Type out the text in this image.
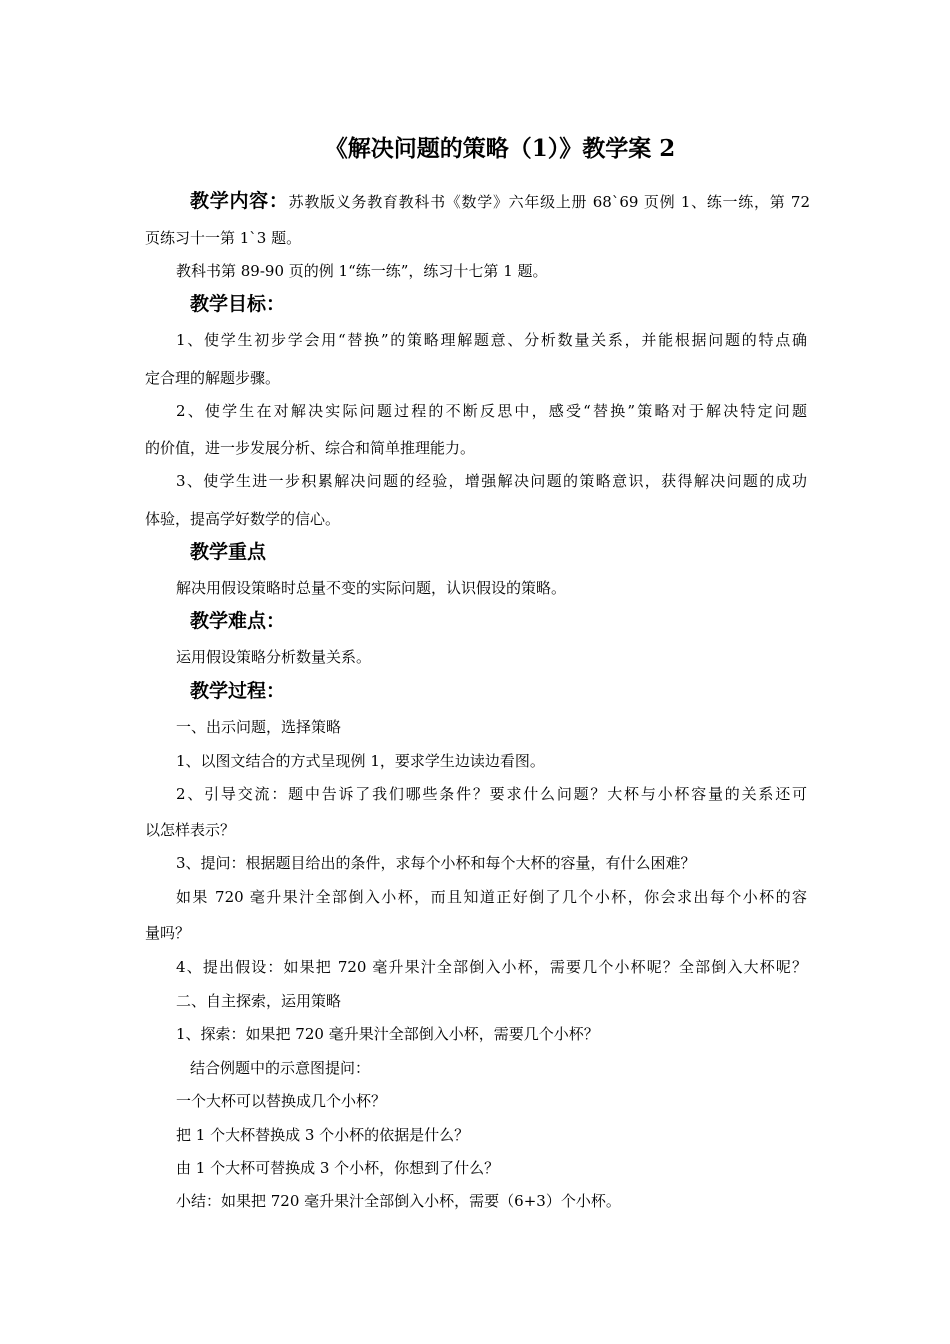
《解决问题的策略（1）》教学案 2
教学内容：苏教版义务教育教科书《数学》六年级上册 68`69 页例 1、练一练，第 72
页练习十一第 1`3 题。
教科书第 89-90 页的例 1“练一练”，练习十七第 1 题。
教学目标：
1、使学生初步学会用“替换”的策略理解题意、分析数量关系，并能根据问题的特点确
定合理的解题步骤。
2、使学生在对解决实际问题过程的不断反思中，感受“替换”策略对于解决特定问题
的价值，进一步发展分析、综合和简单推理能力。
3、使学生进一步积累解决问题的经验，增强解决问题的策略意识，获得解决问题的成功
体验，提高学好数学的信心。
教学重点
解决用假设策略时总量不变的实际问题，认识假设的策略。
教学难点：
运用假设策略分析数量关系。
教学过程：
一、出示问题，选择策略
1、以图文结合的方式呈现例 1，要求学生边读边看图。
2、引导交流：题中告诉了我们哪些条件？要求什么问题？大杯与小杯容量的关系还可
以怎样表示？
3、提问：根据题目给出的条件，求每个小杯和每个大杯的容量，有什么困难？
如果 720 毫升果汁全部倒入小杯，而且知道正好倒了几个小杯，你会求出每个小杯的容
量吗？
4、提出假设：如果把 720 毫升果汁全部倒入小杯，需要几个小杯呢？全部倒入大杯呢？
二、自主探索，运用策略
1、探索：如果把 720 毫升果汁全部倒入小杯，需要几个小杯？
结合例题中的示意图提问：
一个大杯可以替换成几个小杯？
把 1 个大杯替换成 3 个小杯的依据是什么？
由 1 个大杯可替换成 3 个小杯，你想到了什么？
小结：如果把 720 毫升果汁全部倒入小杯，需要（6+3）个小杯。
